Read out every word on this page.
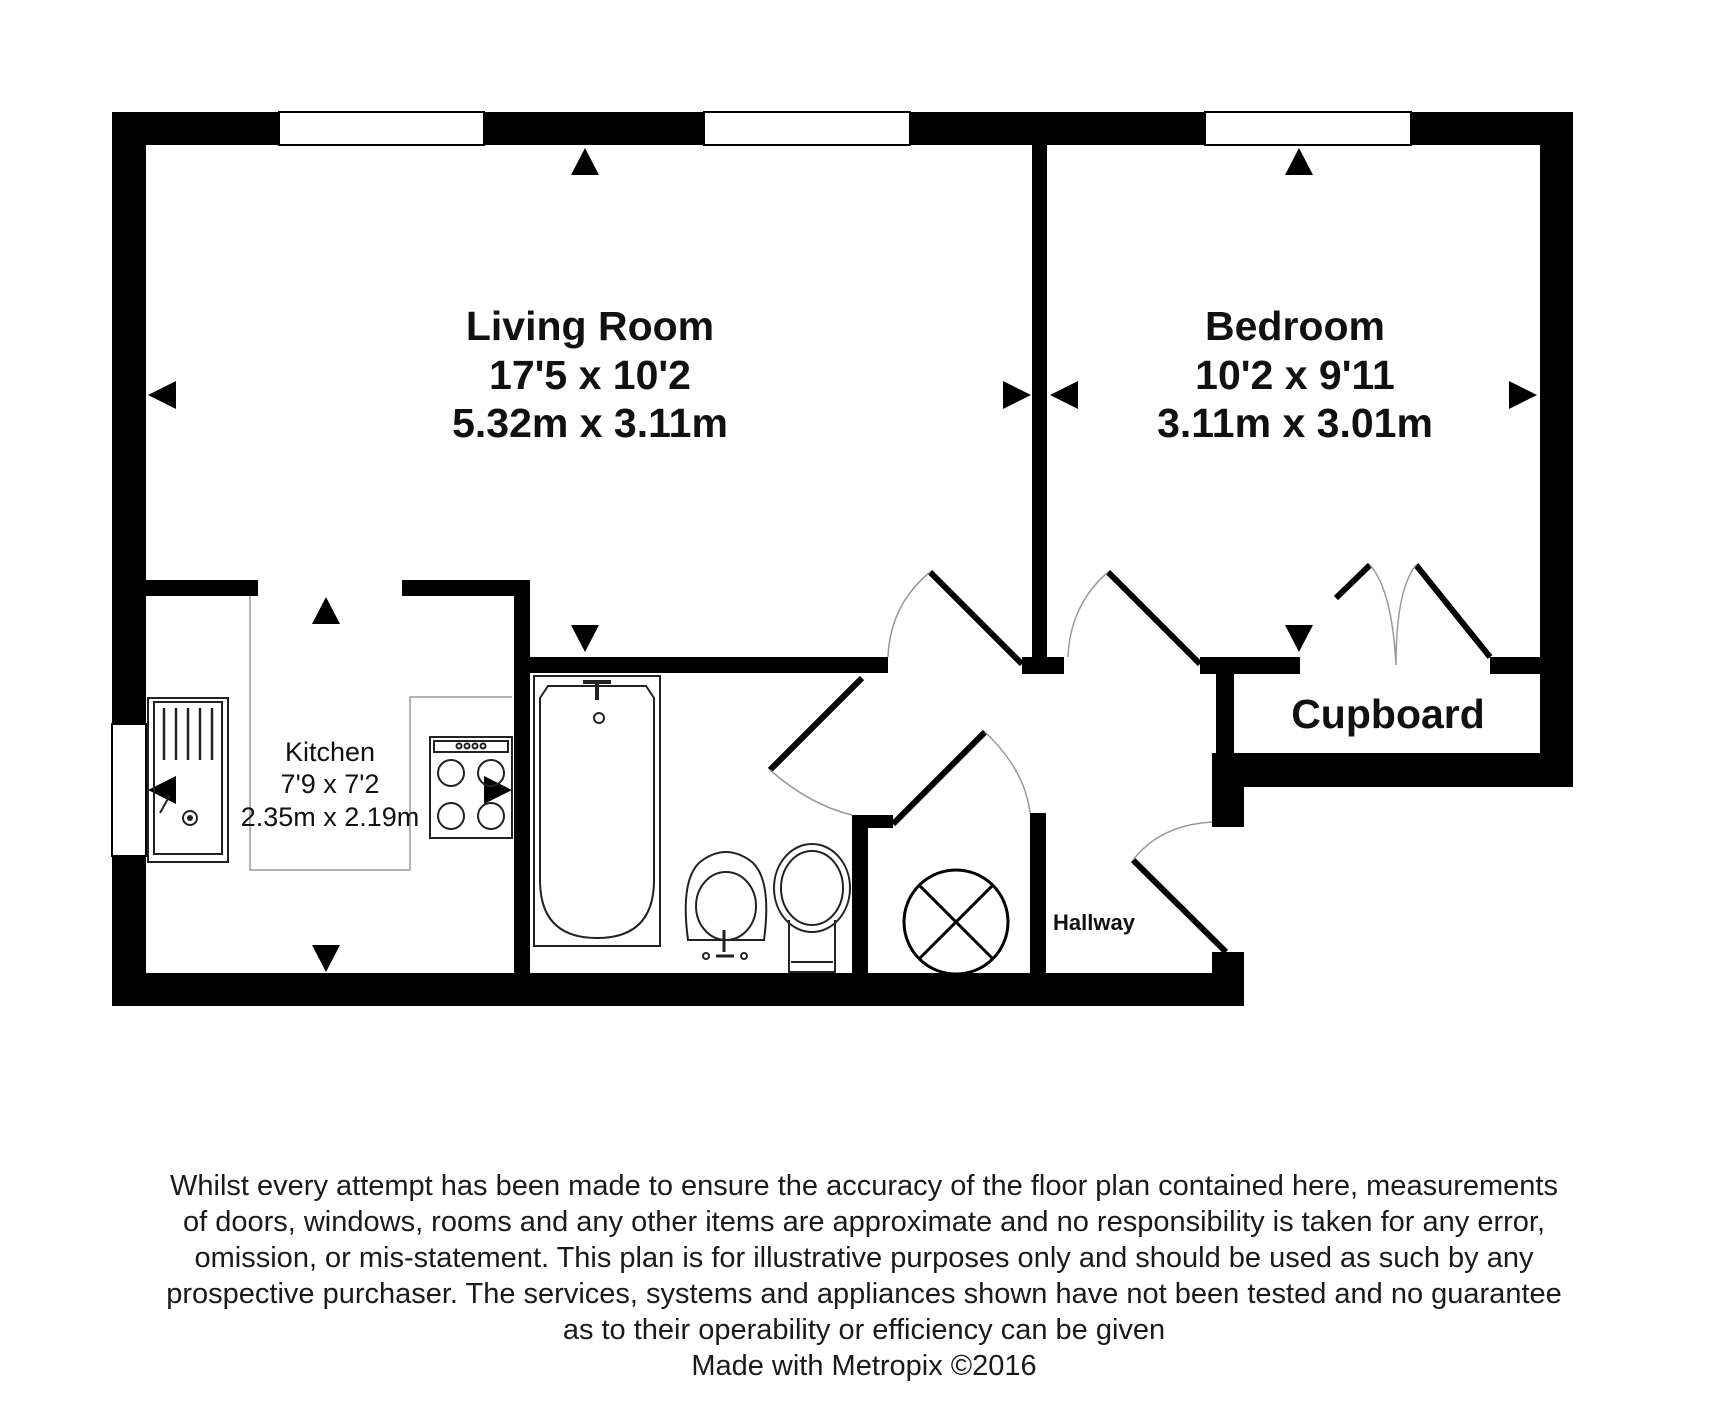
Living Room
17'5 x 10'2
5.32m x 3.11m
Bedroom
10'2 x 9'11
3.11m x 3.01m
Cupboard
Kitchen
7'9 x 7'2
2.35m x 2.19m
Hallway
Whilst every attempt has been made to ensure the accuracy of the floor plan contained here, measurements
of doors, windows, rooms and any other items are approximate and no responsibility is taken for any error,
omission, or mis-statement. This plan is for illustrative purposes only and should be used as such by any
prospective purchaser. The services, systems and appliances shown have not been tested and no guarantee
as to their operability or efficiency can be given
Made with Metropix ©2016
